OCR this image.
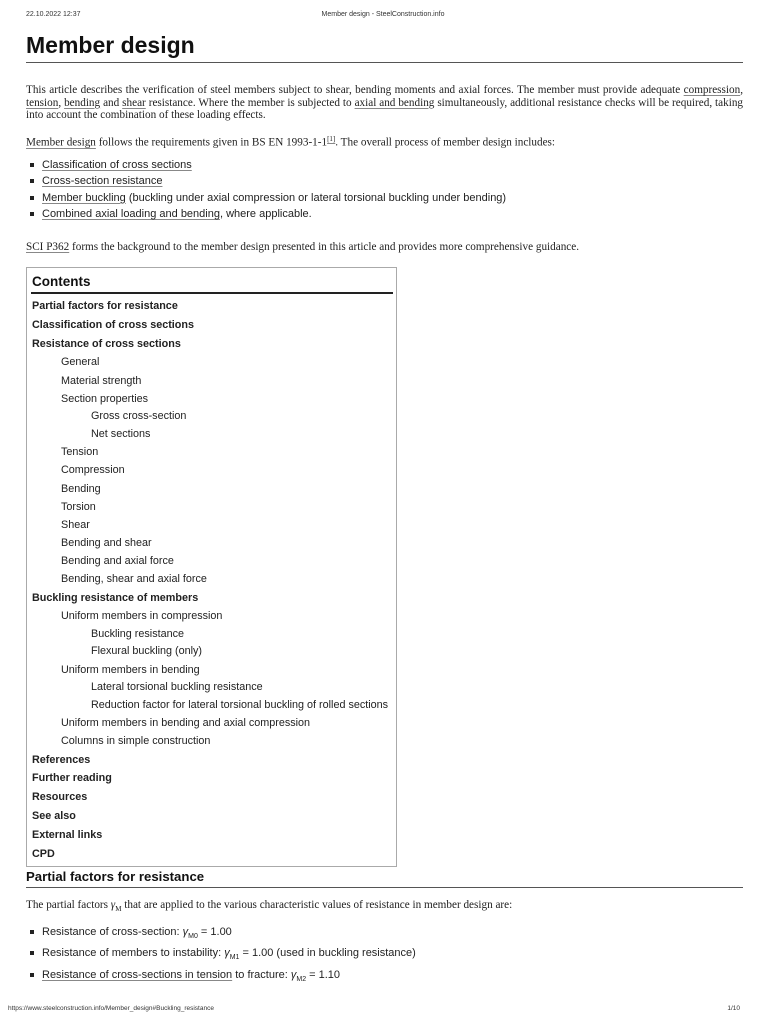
22.10.2022 12:37	Member design - SteelConstruction.info
Member design
This article describes the verification of steel members subject to shear, bending moments and axial forces. The member must provide adequate compression, tension, bending and shear resistance. Where the member is subjected to axial and bending simultaneously, additional resistance checks will be required, taking into account the combination of these loading effects.
Member design follows the requirements given in BS EN 1993-1-1[1]. The overall process of member design includes:
Classification of cross sections
Cross-section resistance
Member buckling (buckling under axial compression or lateral torsional buckling under bending)
Combined axial loading and bending, where applicable.
SCI P362 forms the background to the member design presented in this article and provides more comprehensive guidance.
Contents
Partial factors for resistance
Classification of cross sections
Resistance of cross sections
General
Material strength
Section properties
Gross cross-section
Net sections
Tension
Compression
Bending
Torsion
Shear
Bending and shear
Bending and axial force
Bending, shear and axial force
Buckling resistance of members
Uniform members in compression
Buckling resistance
Flexural buckling (only)
Uniform members in bending
Lateral torsional buckling resistance
Reduction factor for lateral torsional buckling of rolled sections
Uniform members in bending and axial compression
Columns in simple construction
References
Further reading
Resources
See also
External links
CPD
Partial factors for resistance
The partial factors $\gamma_M$ that are applied to the various characteristic values of resistance in member design are:
Resistance of cross-section: $\gamma_{M0} = 1.00$
Resistance of members to instability: $\gamma_{M1} = 1.00$ (used in buckling resistance)
Resistance of cross-sections in tension to fracture: $\gamma_{M2} = 1.10$
https://www.steelconstruction.info/Member_design#Buckling_resistance	1/10
